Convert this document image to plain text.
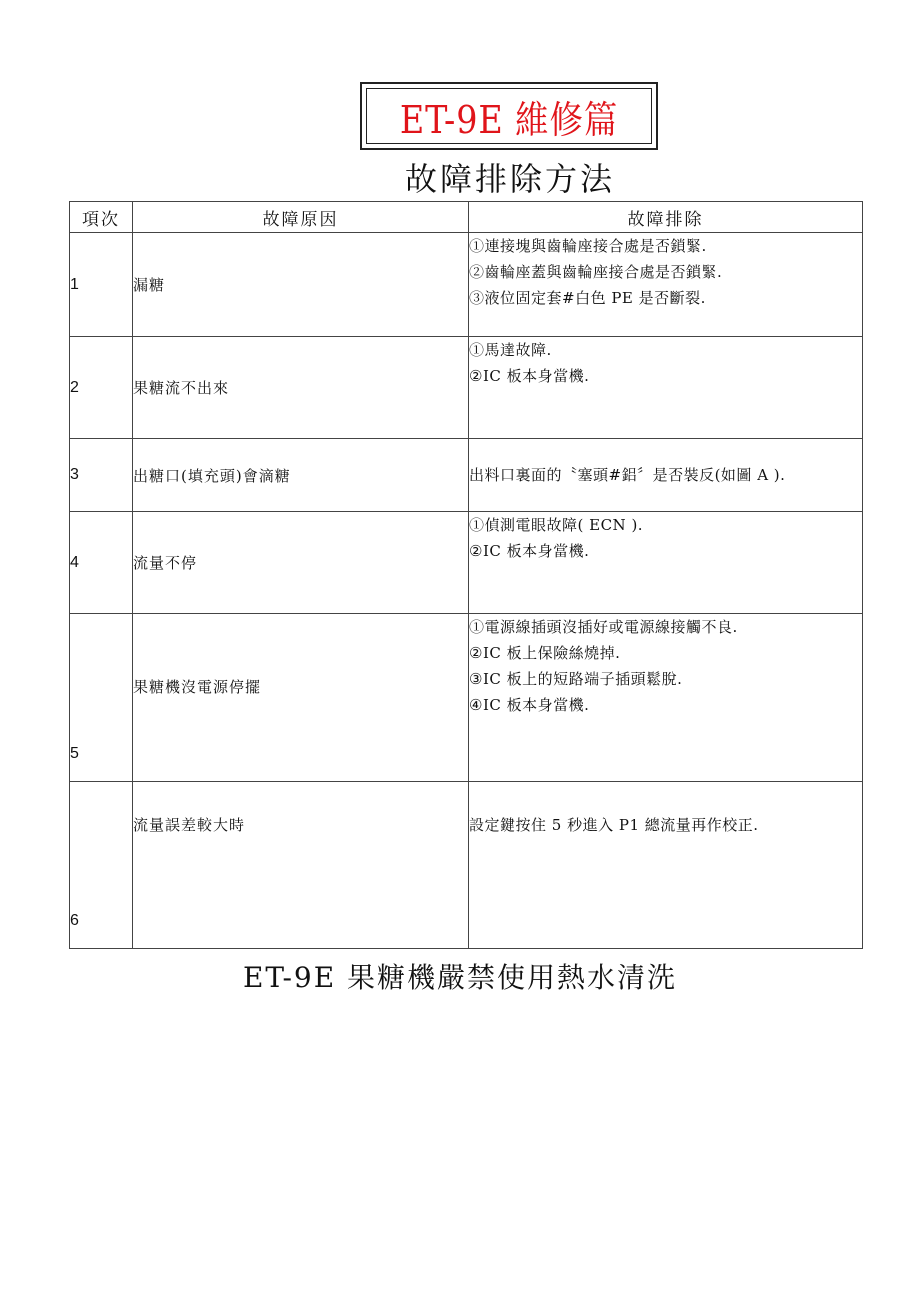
ET-9E 維修篇
故障排除方法
項次	故障原因	故障排除
1	漏糖	①連接塊與齒輪座接合處是否鎖緊.
②齒輪座蓋與齒輪座接合處是否鎖緊.
③液位固定套#白色 PE 是否斷裂.

2	果糖流不出來	①馬達故障.
②IC 板本身當機.

3	出糖口(填充頭)會滴糖	出料口裏面的〝塞頭#鋁〞是否裝反(如圖 A ).

4	流量不停	①偵測電眼故障( ECN ).
②IC 板本身當機.

5	果糖機沒電源停擺	①電源線插頭沒插好或電源線接觸不良.
②IC 板上保險絲燒掉.
③IC 板上的短路端子插頭鬆脫.
④IC 板本身當機.

6	流量誤差較大時	設定鍵按住 5 秒進入 P1 總流量再作校正.
ET-9E 果糖機嚴禁使用熱水清洗
